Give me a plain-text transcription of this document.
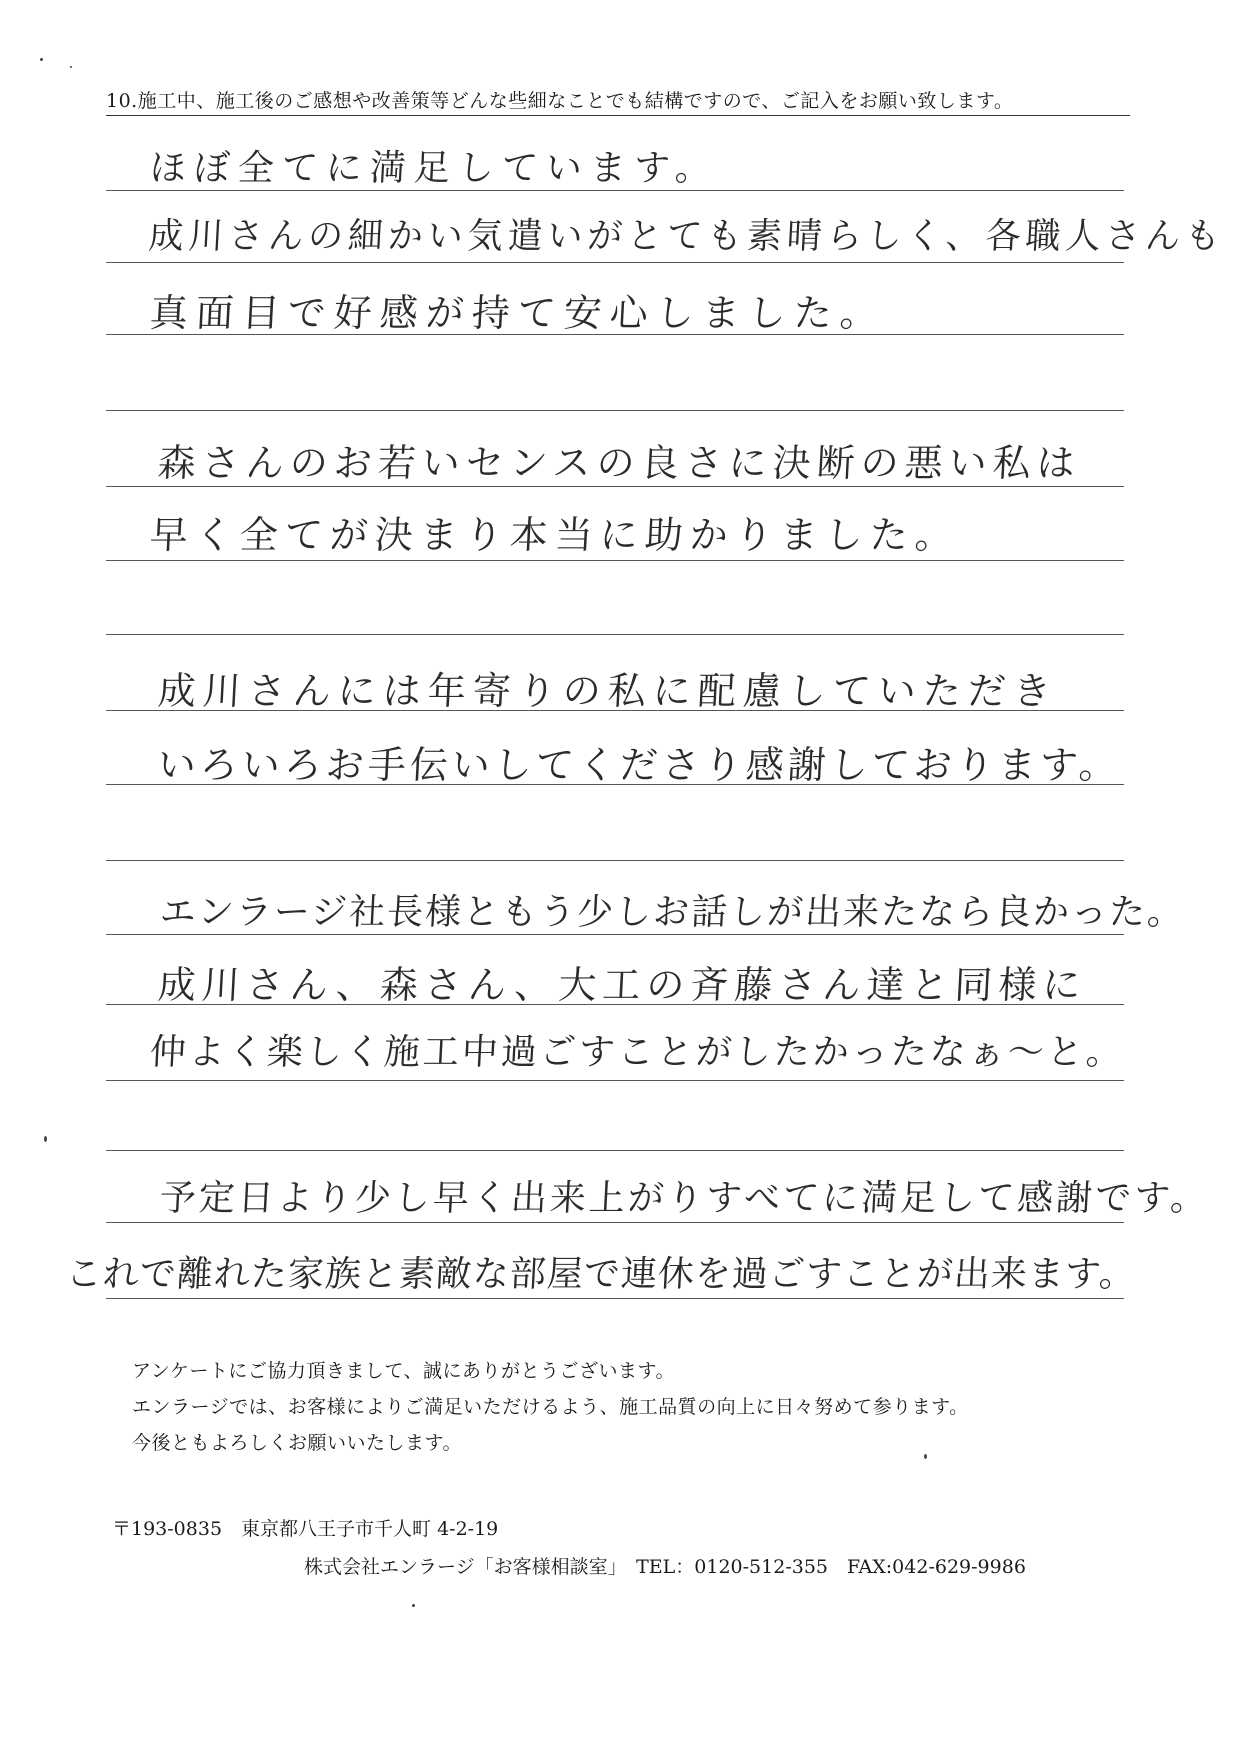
10.施工中、施工後のご感想や改善策等どんな些細なことでも結構ですので、ご記入をお願い致します。
ほぼ全てに満足しています。
成川さんの細かい気遣いがとても素晴らしく、各職人さんも
真面目で好感が持て安心しました。
森さんのお若いセンスの良さに決断の悪い私は
早く全てが決まり本当に助かりました。
成川さんには年寄りの私に配慮していただき
いろいろお手伝いしてくださり感謝しております。
エンラージ社長様ともう少しお話しが出来たなら良かった。
成川さん、森さん、大工の斉藤さん達と同様に
仲よく楽しく施工中過ごすことがしたかったなぁ〜と。
予定日より少し早く出来上がりすべてに満足して感謝です。
これで離れた家族と素敵な部屋で連休を過ごすことが出来ます。
アンケートにご協力頂きまして、誠にありがとうございます。
エンラージでは、お客様によりご満足いただけるよう、施工品質の向上に日々努めて参ります。
今後ともよろしくお願いいたします。
〒193-0835　東京都八王子市千人町 4-2-19
株式会社エンラージ「お客様相談室」　TEL：0120-512-355　FAX:042-629-9986
